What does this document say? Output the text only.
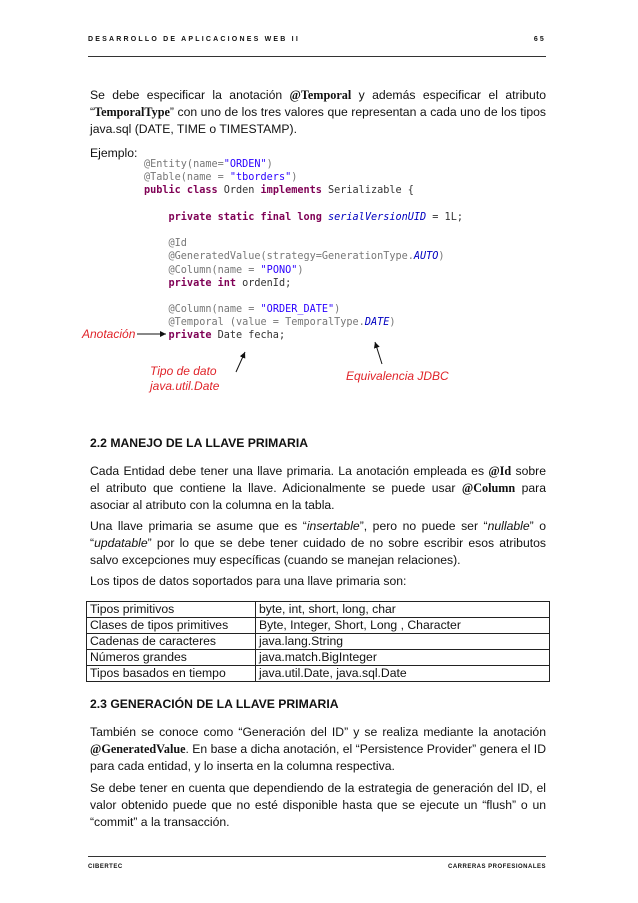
DESARROLLO DE APLICACIONES WEB II	65
Se debe especificar la anotación @Temporal y además especificar el atributo “TemporalType” con uno de los tres valores que representan a cada uno de los tipos java.sql (DATE, TIME o TIMESTAMP).
Ejemplo:
@Entity(name="ORDEN")
@Table(name = "tborders")
public class Orden implements Serializable {
private static final long serialVersionUID = 1L;
@Id
@GeneratedValue(strategy=GenerationType.AUTO)
@Column(name = "PONO")
private int ordenId;
@Column(name = "ORDER_DATE")
@Temporal (value = TemporalType.DATE)
private Date fecha;
Anotación
Tipo de dato
java.util.Date
Equivalencia JDBC
2.2 MANEJO DE LA LLAVE PRIMARIA
Cada Entidad debe tener una llave primaria. La anotación empleada es @Id sobre el atributo que contiene la llave. Adicionalmente se puede usar @Column para asociar al atributo con la columna en la tabla.
Una llave primaria se asume que es “insertable”, pero no puede ser “nullable” o “updatable” por lo que se debe tener cuidado de no sobre escribir esos atributos salvo excepciones muy específicas (cuando se manejan relaciones).
Los tipos de datos soportados para una llave primaria son:
Tipos primitivos	byte, int, short, long, char
Clases de tipos primitives	Byte, Integer, Short, Long , Character
Cadenas de caracteres	java.lang.String
Números grandes	java.match.BigInteger
Tipos basados en tiempo	java.util.Date, java.sql.Date
2.3 GENERACIÓN DE LA LLAVE PRIMARIA
También se conoce como “Generación del ID” y se realiza mediante la anotación @GeneratedValue. En base a dicha anotación, el “Persistence Provider” genera el ID para cada entidad, y lo inserta en la columna respectiva.
Se debe tener en cuenta que dependiendo de la estrategia de generación del ID, el valor obtenido puede que no esté disponible hasta que se ejecute un “flush” o un “commit” a la transacción.
CIBERTEC	CARRERAS PROFESIONALES
